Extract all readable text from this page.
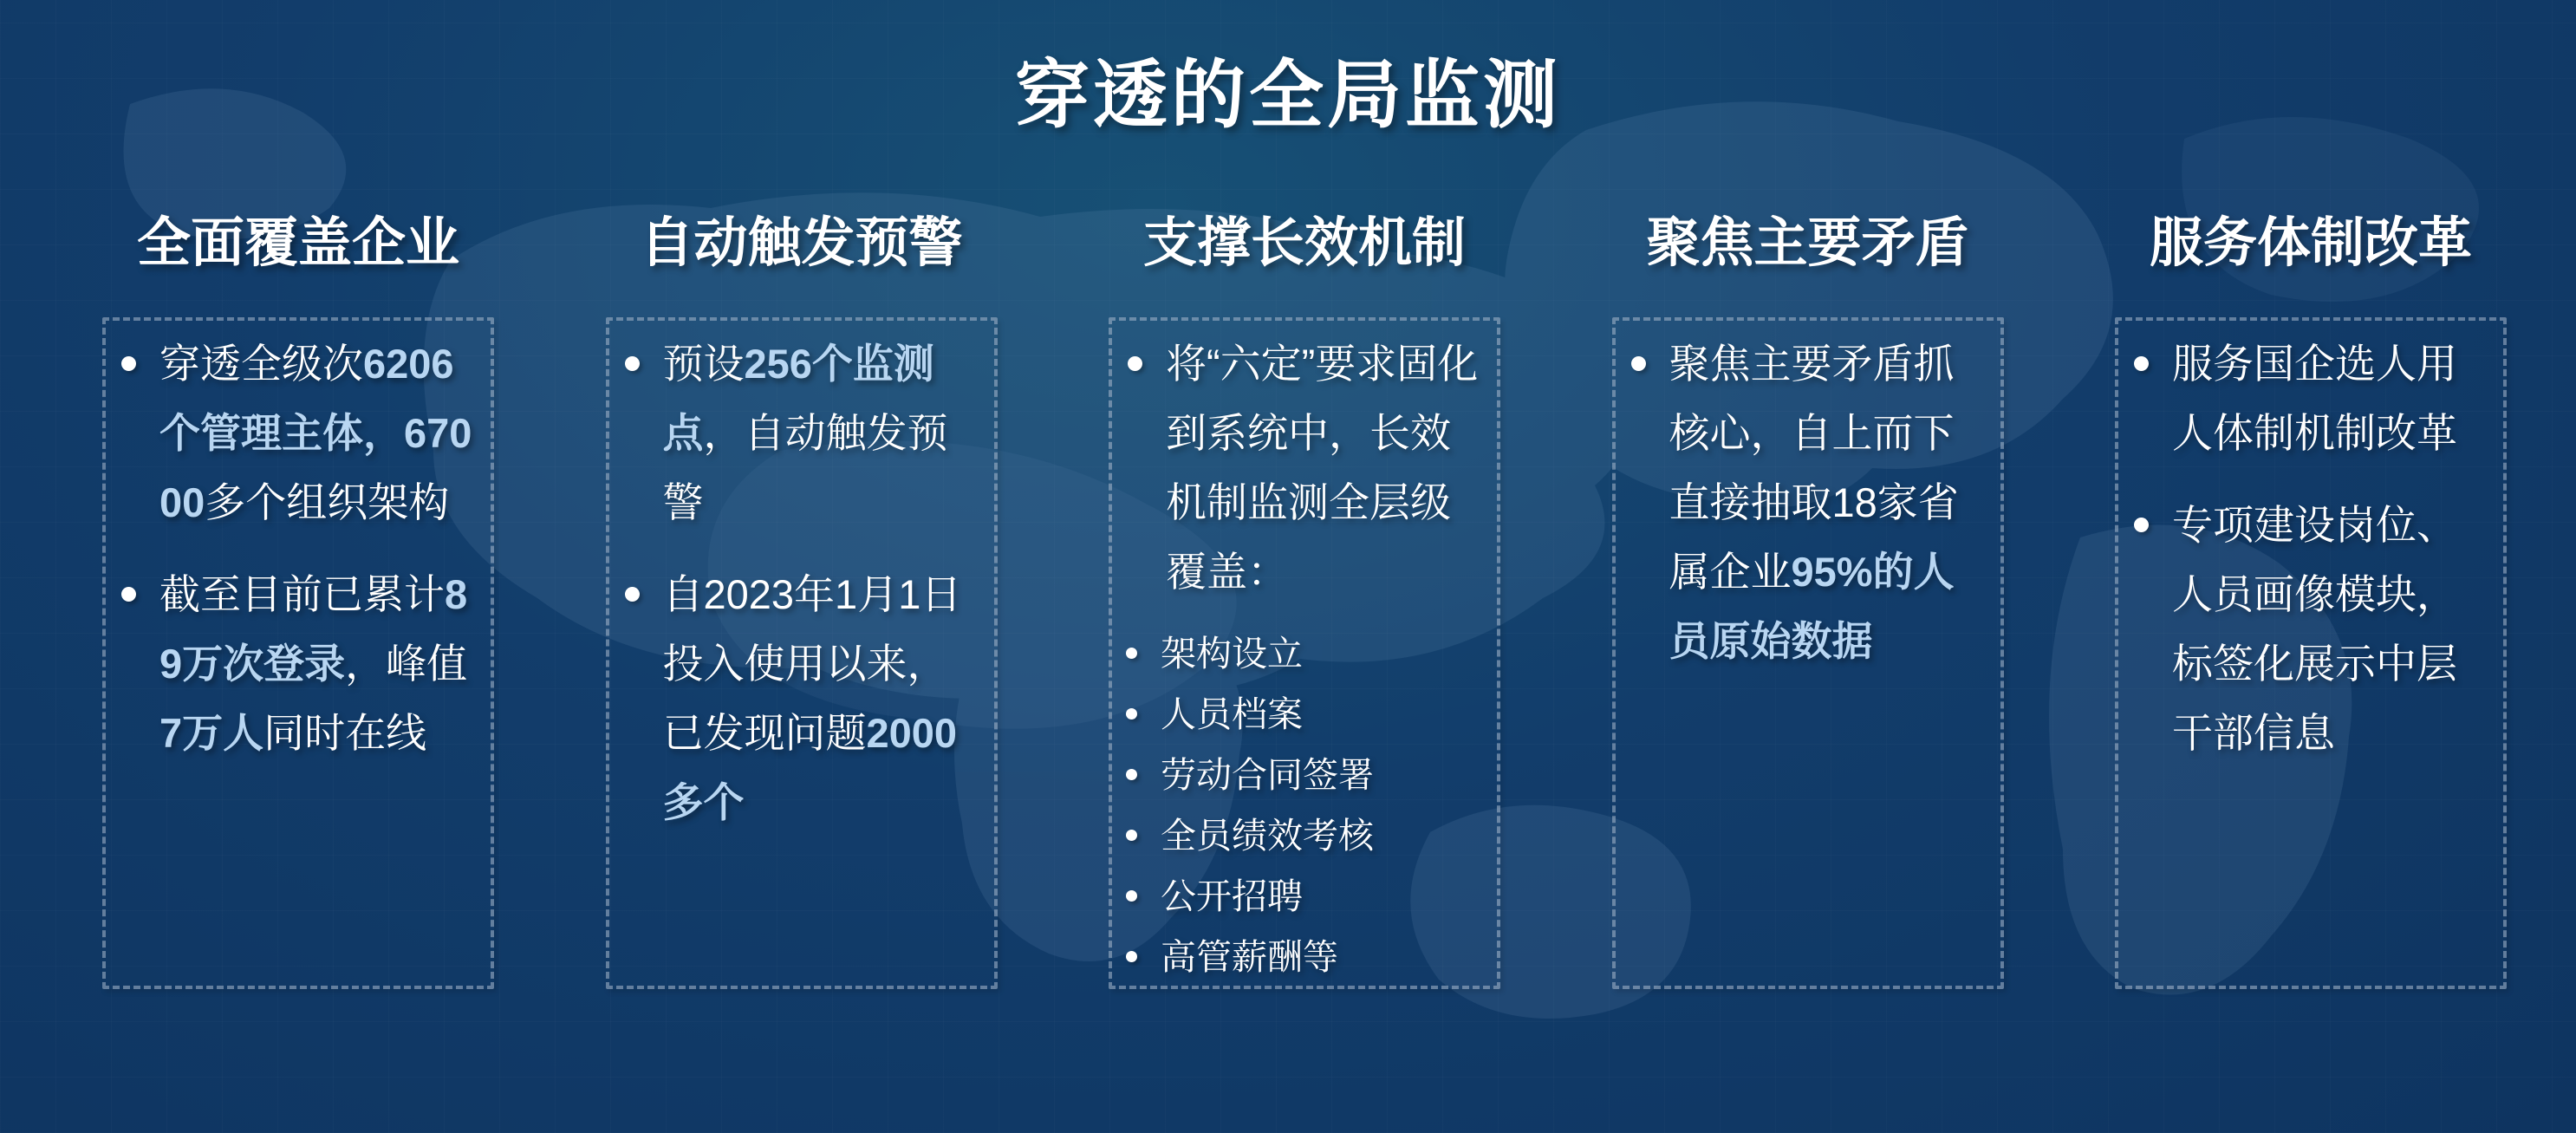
穿透的全局监测
全面覆盖企业

穿透全级次6206个管理主体，67000多个组织架构

截至目前已累计89万次登录，峰值7万人同时在线

自动触发预警

预设256个监测点，自动触发预警

自2023年1月1日投入使用以来，已发现问题2000多个

支撑长效机制

将“六定”要求固化到系统中，长效机制监测全层级覆盖：

架构设立

人员档案

劳动合同签署

全员绩效考核

公开招聘

高管薪酬等

聚焦主要矛盾

聚焦主要矛盾抓核心，自上而下直接抽取18家省属企业95%的人员原始数据

服务体制改革

服务国企选人用人体制机制改革

专项建设岗位、人员画像模块，标签化展示中层干部信息
